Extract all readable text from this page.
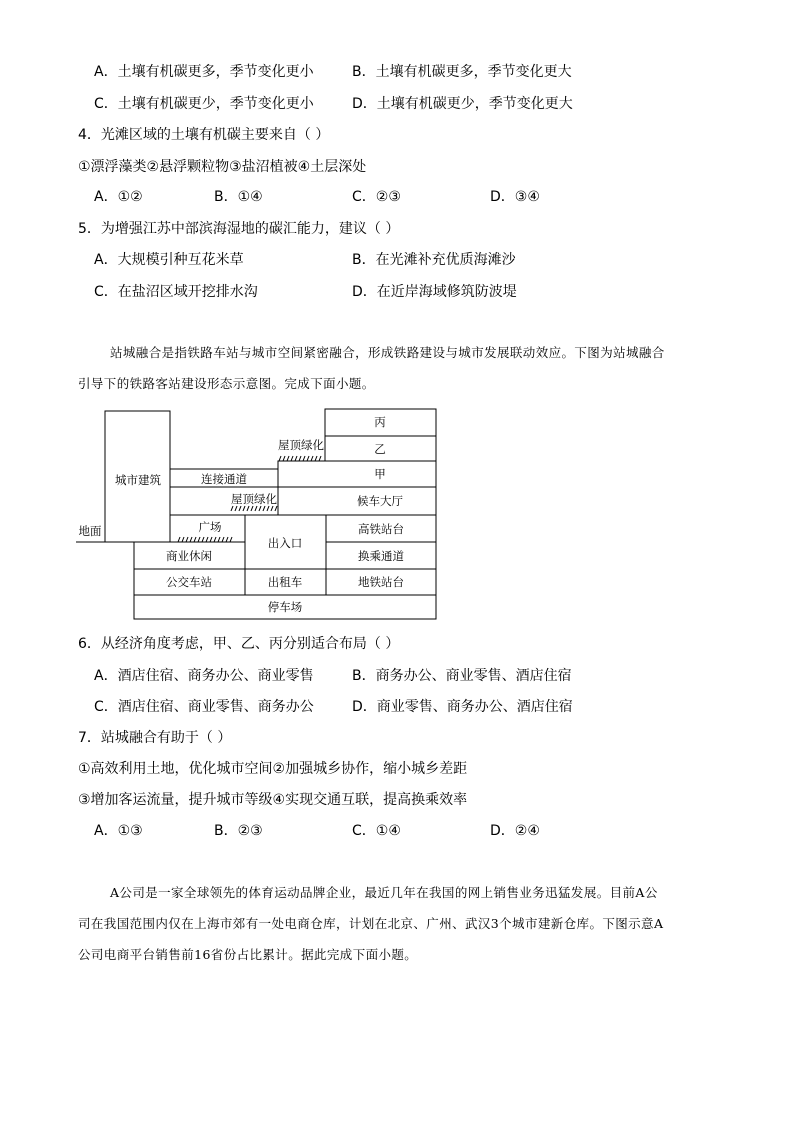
A．土壤有机碳更多，季节变化更小	B．土壤有机碳更多，季节变化更大
C．土壤有机碳更少，季节变化更小	D．土壤有机碳更少，季节变化更大
4．光滩区域的土壤有机碳主要来自（ ）
①漂浮藻类②悬浮颗粒物③盐沼植被④土层深处
A．①②	B．①④	C．②③	D．③④
5．为增强江苏中部滨海湿地的碳汇能力，建议（ ）
A．大规模引种互花米草	B．在光滩补充优质海滩沙
C．在盐沼区域开挖排水沟	D．在近岸海域修筑防波堤
站城融合是指铁路车站与城市空间紧密融合，形成铁路建设与城市发展联动效应。下图为站城融合
引导下的铁路客站建设形态示意图。完成下面小题。
丙
乙
甲
屋顶绿化
城市建筑	连接通道
屋顶绿化	候车大厅
地面	广场
出入口
高铁站台
换乘通道
商业休闲
公交车站	出租车	地铁站台
停车场
6．从经济角度考虑，甲、乙、丙分别适合布局（ ）
A．酒店住宿、商务办公、商业零售	B．商务办公、商业零售、酒店住宿
C．酒店住宿、商业零售、商务办公	D．商业零售、商务办公、酒店住宿
7．站城融合有助于（ ）
①高效利用土地，优化城市空间②加强城乡协作，缩小城乡差距
③增加客运流量，提升城市等级④实现交通互联，提高换乘效率
A．①③	B．②③	C．①④	D．②④
A公司是一家全球领先的体育运动品牌企业，最近几年在我国的网上销售业务迅猛发展。目前A公
司在我国范围内仅在上海市郊有一处电商仓库，计划在北京、广州、武汉3个城市建新仓库。下图示意A
公司电商平台销售前16省份占比累计。据此完成下面小题。
